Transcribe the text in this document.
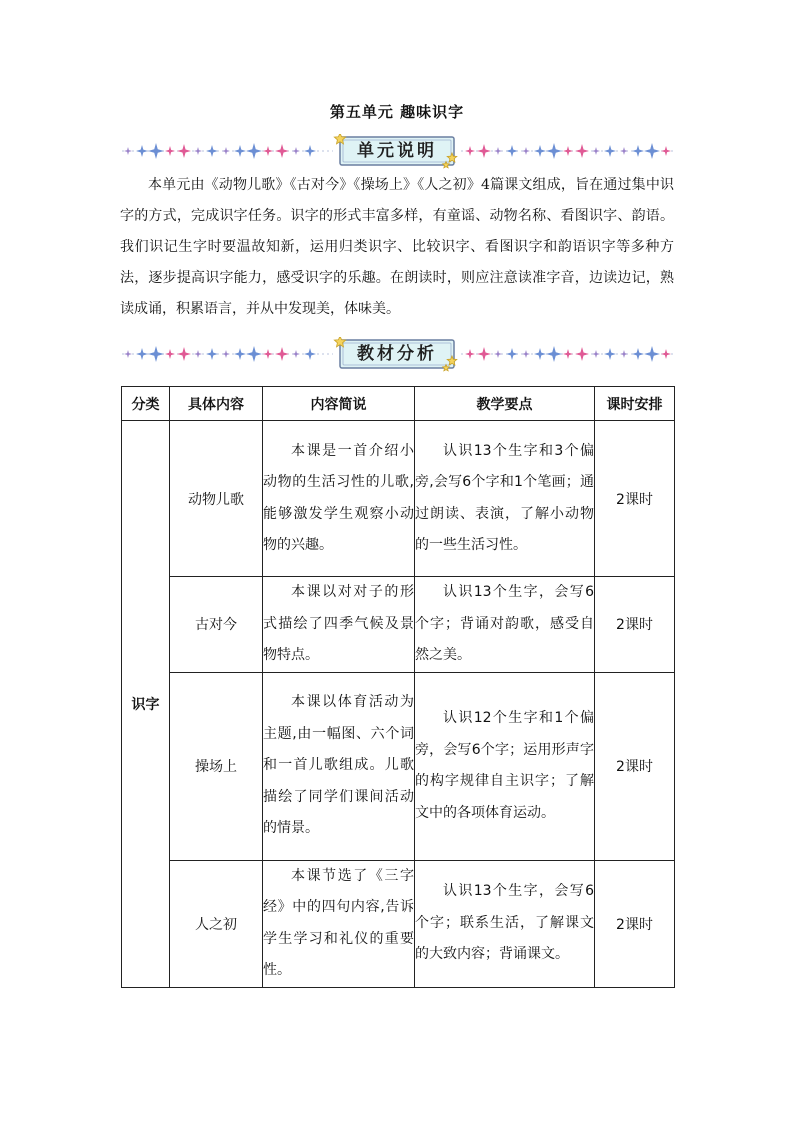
第五单元 趣味识字
单元说明
本单元由《动物儿歌》《古对今》《操场上》《人之初》4篇课文组成，旨在通过集中识字的方式，完成识字任务。识字的形式丰富多样，有童谣、动物名称、看图识字、韵语。我们识记生字时要温故知新，运用归类识字、比较识字、看图识字和韵语识字等多种方法，逐步提高识字能力，感受识字的乐趣。在朗读时，则应注意读准字音，边读边记，熟读成诵，积累语言，并从中发现美，体味美。
教材分析
分类	具体内容	内容简说	教学要点	课时安排
识字	动物儿歌	本课是一首介绍小动物的生活习性的儿歌,能够激发学生观察小动物的兴趣。	认识13个生字和3个偏旁,会写6个字和1个笔画；通过朗读、表演，了解小动物的一些生活习性。	2课时
	古对今	本课以对对子的形式描绘了四季气候及景物特点。	认识13个生字，会写6个字；背诵对韵歌，感受自然之美。	2课时
	操场上	本课以体育活动为主题,由一幅图、六个词和一首儿歌组成。儿歌描绘了同学们课间活动的情景。	认识12个生字和1个偏旁，会写6个字；运用形声字的构字规律自主识字；了解文中的各项体育运动。	2课时
	人之初	本课节选了《三字经》中的四句内容,告诉学生学习和礼仪的重要性。	认识13个生字，会写6个字；联系生活，了解课文的大致内容；背诵课文。	2课时
